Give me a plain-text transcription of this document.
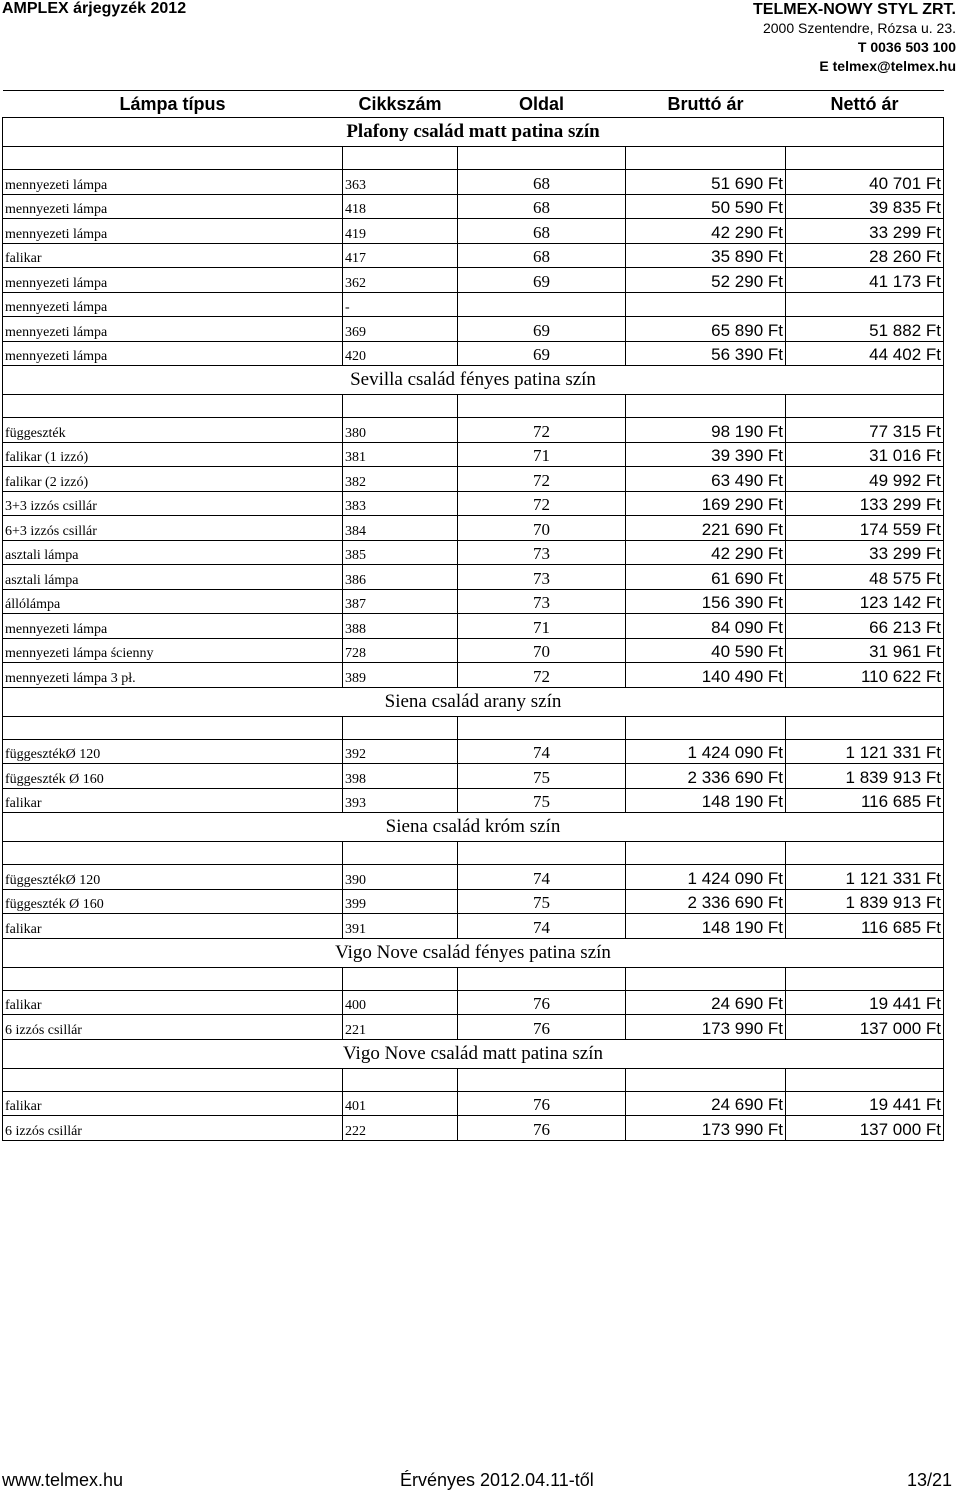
AMPLEX árjegyzék 2012	TELMEX-NOWY STYL ZRT.
2000 Szentendre, Rózsa u. 23.
T 0036 503 100
E telmex@telmex.hu
Lámpa típus	Cikkszám	Oldal	Bruttó ár	Nettó ár
Plafony család matt patina szín				

mennyezeti lámpa	363	68	51 690 Ft	40 701 Ft
mennyezeti lámpa	418	68	50 590 Ft	39 835 Ft
mennyezeti lámpa	419	68	42 290 Ft	33 299 Ft
falikar	417	68	35 890 Ft	28 260 Ft
mennyezeti lámpa	362	69	52 290 Ft	41 173 Ft
mennyezeti lámpa	-			
mennyezeti lámpa	369	69	65 890 Ft	51 882 Ft
mennyezeti lámpa	420	69	56 390 Ft	44 402 Ft
Sevilla család fényes patina szín				

függeszték	380	72	98 190 Ft	77 315 Ft
falikar (1 izzó)	381	71	39 390 Ft	31 016 Ft
falikar (2 izzó)	382	72	63 490 Ft	49 992 Ft
3+3 izzós csillár	383	72	169 290 Ft	133 299 Ft
6+3 izzós csillár	384	70	221 690 Ft	174 559 Ft
asztali lámpa	385	73	42 290 Ft	33 299 Ft
asztali lámpa	386	73	61 690 Ft	48 575 Ft
állólámpa	387	73	156 390 Ft	123 142 Ft
mennyezeti lámpa	388	71	84 090 Ft	66 213 Ft
mennyezeti lámpa ścienny	728	70	40 590 Ft	31 961 Ft
mennyezeti lámpa 3 pł.	389	72	140 490 Ft	110 622 Ft
Siena család arany szín				

függesztékØ 120	392	74	1 424 090 Ft	1 121 331 Ft
függeszték Ø 160	398	75	2 336 690 Ft	1 839 913 Ft
falikar	393	75	148 190 Ft	116 685 Ft
Siena család króm szín				

függesztékØ 120	390	74	1 424 090 Ft	1 121 331 Ft
függeszték Ø 160	399	75	2 336 690 Ft	1 839 913 Ft
falikar	391	74	148 190 Ft	116 685 Ft
Vigo Nove család fényes patina szín				

falikar	400	76	24 690 Ft	19 441 Ft
6 izzós csillár	221	76	173 990 Ft	137 000 Ft
Vigo Nove család matt patina szín				

falikar	401	76	24 690 Ft	19 441 Ft
6 izzós csillár	222	76	173 990 Ft	137 000 Ft
www.telmex.hu	Érvényes 2012.04.11-től	13/21
